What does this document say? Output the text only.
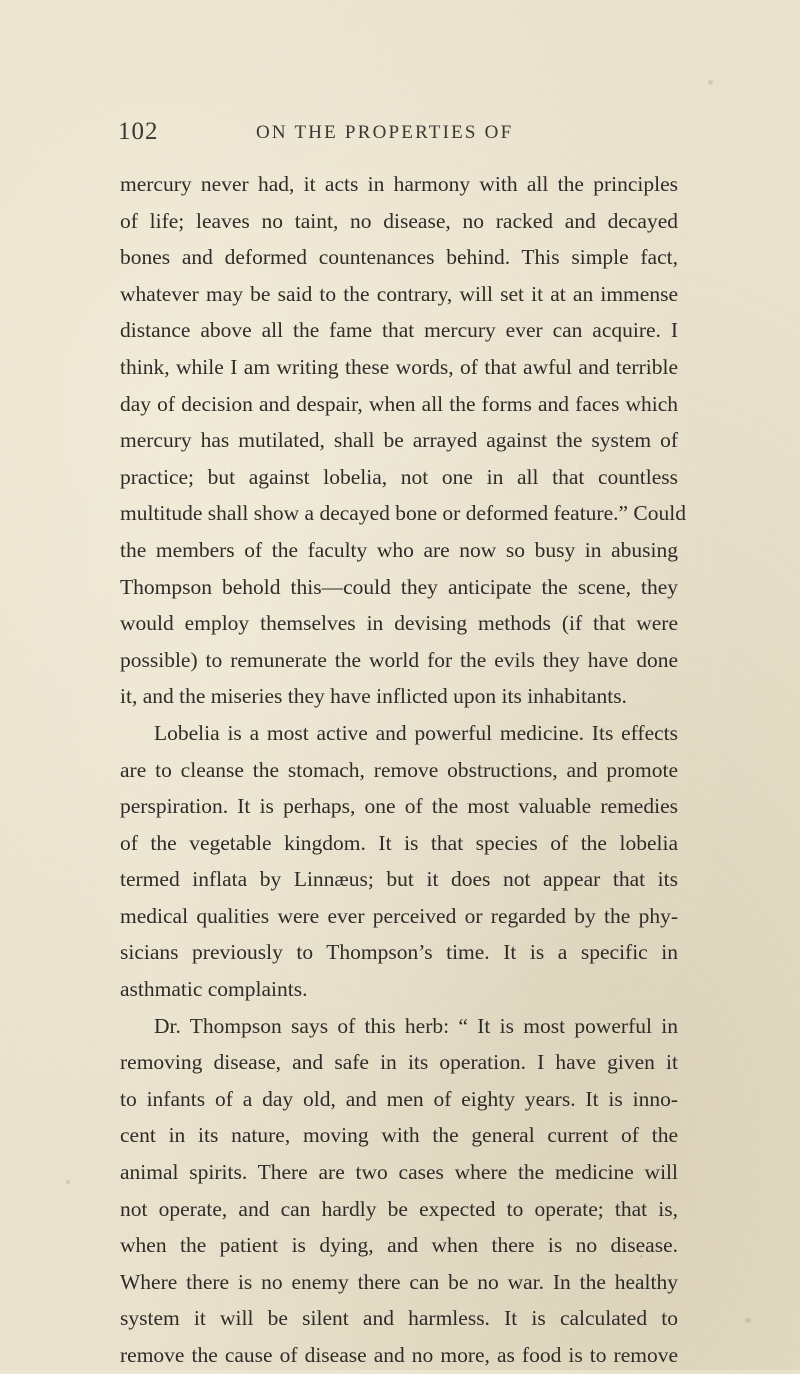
102	ON THE PROPERTIES OF
mercury never had, it acts in harmony with all the principles
of life; leaves no taint, no disease, no racked and decayed
bones and deformed countenances behind. This simple fact,
whatever may be said to the contrary, will set it at an immense
distance above all the fame that mercury ever can acquire. I
think, while I am writing these words, of that awful and terrible
day of decision and despair, when all the forms and faces which
mercury has mutilated, shall be arrayed against the system of
practice; but against lobelia, not one in all that countless
multitude shall show a decayed bone or deformed feature.” Could
the members of the faculty who are now so busy in abusing
Thompson behold this—could they anticipate the scene, they
would employ themselves in devising methods (if that were
possible) to remunerate the world for the evils they have done
it, and the miseries they have inflicted upon its inhabitants.
Lobelia is a most active and powerful medicine. Its effects
are to cleanse the stomach, remove obstructions, and promote
perspiration. It is perhaps, one of the most valuable remedies
of the vegetable kingdom. It is that species of the lobelia
termed inflata by Linnæus; but it does not appear that its
medical qualities were ever perceived or regarded by the phy-
sicians previously to Thompson’s time. It is a specific in
asthmatic complaints.
Dr. Thompson says of this herb: “ It is most powerful in
removing disease, and safe in its operation. I have given it
to infants of a day old, and men of eighty years. It is inno-
cent in its nature, moving with the general current of the
animal spirits. There are two cases where the medicine will
not operate, and can hardly be expected to operate; that is,
when the patient is dying, and when there is no disease.
Where there is no enemy there can be no war. In the healthy
system it will be silent and harmless. It is calculated to
remove the cause of disease and no more, as food is to remove
